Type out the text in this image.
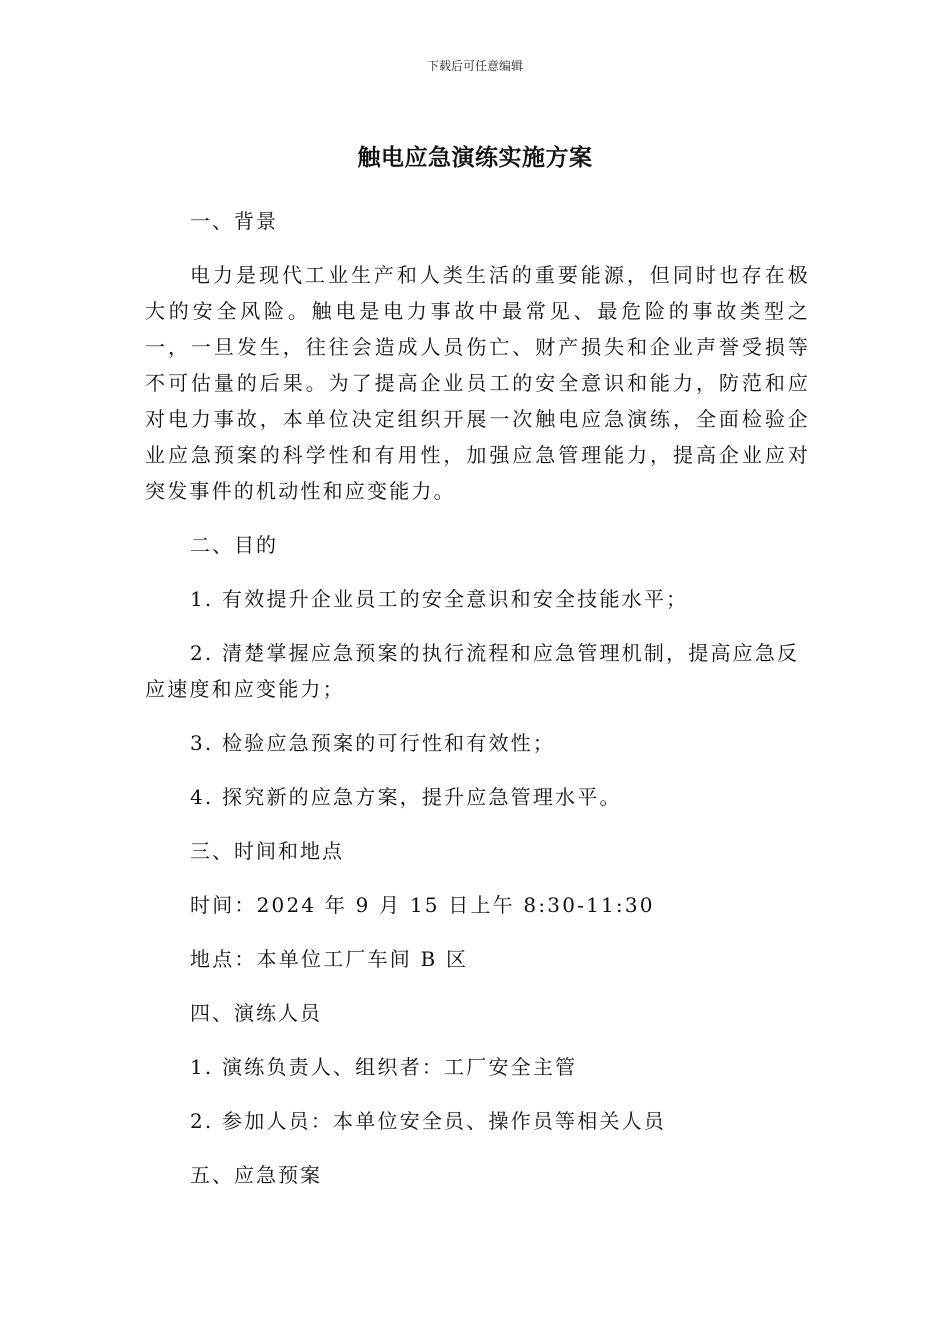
下载后可任意编辑
触电应急演练实施方案
一、背景
电力是现代工业生产和人类生活的重要能源，但同时也存在极大的安全风险。触电是电力事故中最常见、最危险的事故类型之一，一旦发生，往往会造成人员伤亡、财产损失和企业声誉受损等不可估量的后果。为了提高企业员工的安全意识和能力，防范和应对电力事故，本单位决定组织开展一次触电应急演练，全面检验企业应急预案的科学性和有用性，加强应急管理能力，提高企业应对突发事件的机动性和应变能力。
二、目的
1. 有效提升企业员工的安全意识和安全技能水平；
2. 清楚掌握应急预案的执行流程和应急管理机制，提高应急反应速度和应变能力；
3. 检验应急预案的可行性和有效性；
4. 探究新的应急方案，提升应急管理水平。
三、时间和地点
时间：2024 年 9 月 15 日上午 8:30-11:30
地点：本单位工厂车间 B 区
四、演练人员
1. 演练负责人、组织者：工厂安全主管
2. 参加人员：本单位安全员、操作员等相关人员
五、应急预案
